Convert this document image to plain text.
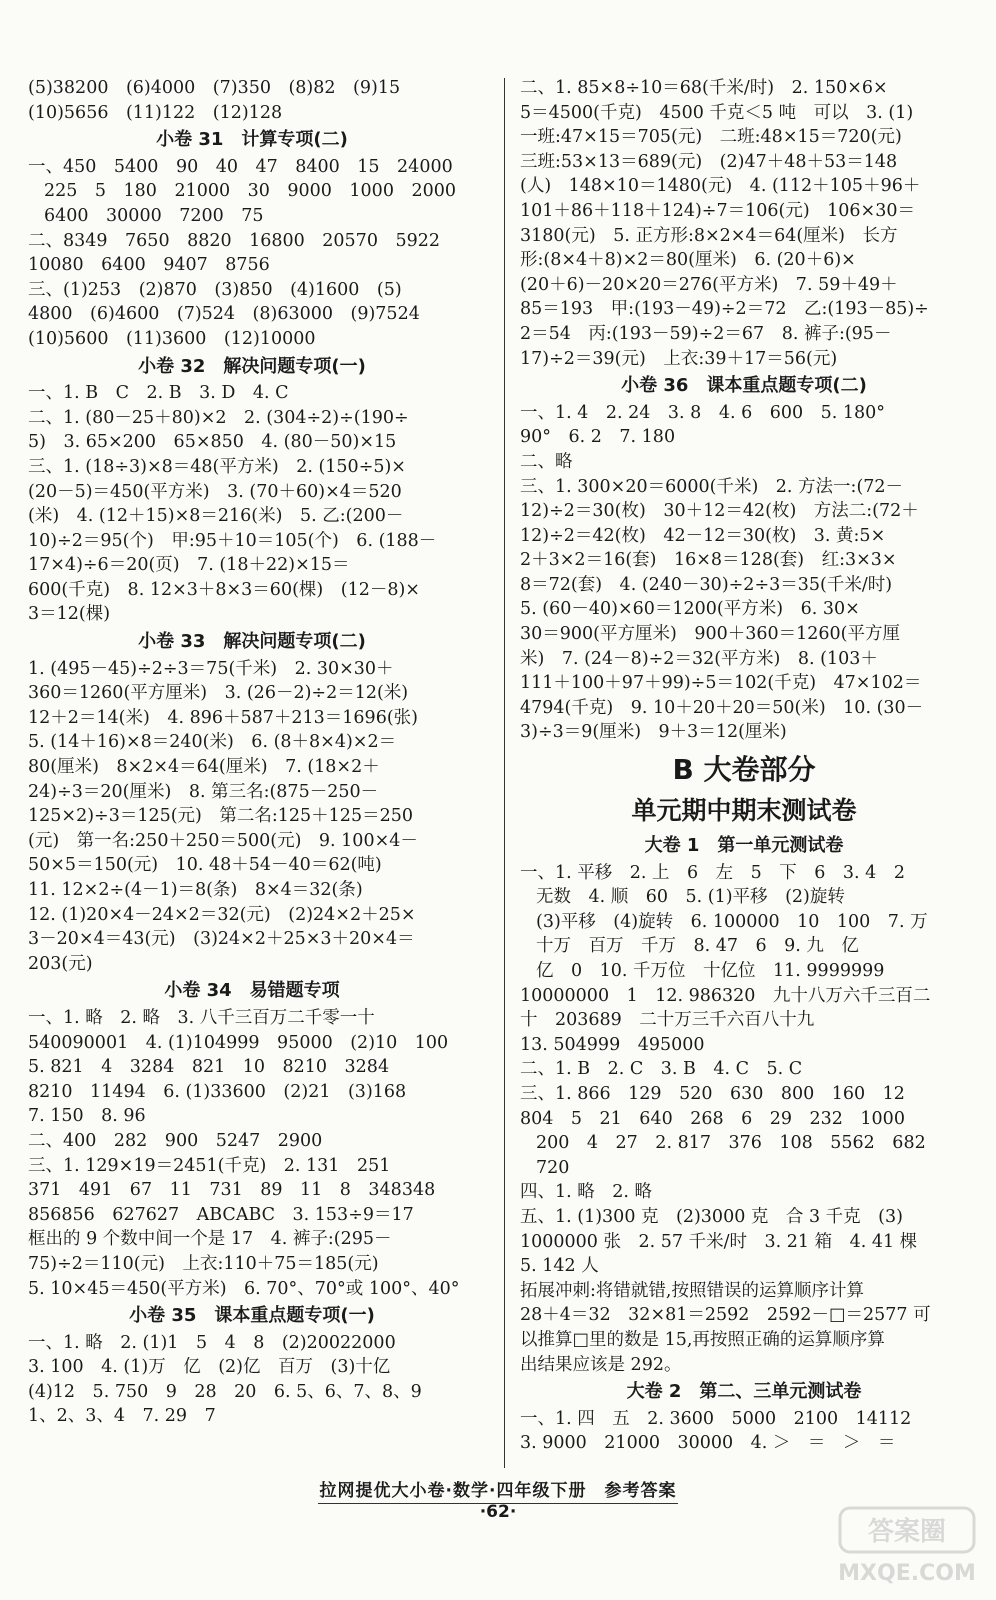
(5)38200　(6)4000　(7)350　(8)82　(9)15
(10)5656　(11)122　(12)128
小卷 31　计算专项(二)
一、450　5400　90　40　47　8400　15　24000
225　5　180　21000　30　9000　1000　2000
6400　30000　7200　75
二、8349　7650　8820　16800　20570　5922
10080　6400　9407　8756
三、(1)253　(2)870　(3)850　(4)1600　(5)
4800　(6)4600　(7)524　(8)63000　(9)7524
(10)5600　(11)3600　(12)10000
小卷 32　解决问题专项(一)
一、1. B　C　2. B　3. D　4. C
二、1. (80－25＋80)×2　2. (304÷2)÷(190÷
5)　3. 65×200　65×850　4. (80－50)×15
三、1. (18÷3)×8＝48(平方米)　2. (150÷5)×
(20－5)＝450(平方米)　3. (70＋60)×4＝520
(米)　4. (12＋15)×8＝216(米)　5. 乙:(200－
10)÷2＝95(个)　甲:95＋10＝105(个)　6. (188－
17×4)÷6＝20(页)　7. (18＋22)×15＝
600(千克)　8. 12×3＋8×3＝60(棵)　(12－8)×
3＝12(棵)
小卷 33　解决问题专项(二)
1. (495－45)÷2÷3＝75(千米)　2. 30×30＋
360＝1260(平方厘米)　3. (26－2)÷2＝12(米)
12＋2＝14(米)　4. 896＋587＋213＝1696(张)
5. (14＋16)×8＝240(米)　6. (8＋8×4)×2＝
80(厘米)　8×2×4＝64(厘米)　7. (18×2＋
24)÷3＝20(厘米)　8. 第三名:(875－250－
125×2)÷3＝125(元)　第二名:125＋125＝250
(元)　第一名:250＋250＝500(元)　9. 100×4－
50×5＝150(元)　10. 48＋54－40＝62(吨)
11. 12×2÷(4－1)＝8(条)　8×4＝32(条)
12. (1)20×4－24×2＝32(元)　(2)24×2＋25×
3－20×4＝43(元)　(3)24×2＋25×3＋20×4＝
203(元)
小卷 34　易错题专项
一、1. 略　2. 略　3. 八千三百万二千零一十
540090001　4. (1)104999　95000　(2)10　100
5. 821　4　3284　821　10　8210　3284
8210　11494　6. (1)33600　(2)21　(3)168
7. 150　8. 96
二、400　282　900　5247　2900
三、1. 129×19＝2451(千克)　2. 131　251
371　491　67　11　731　89　11　8　348348
856856　627627　ABCABC　3. 153÷9＝17
框出的 9 个数中间一个是 17　4. 裤子:(295－
75)÷2＝110(元)　上衣:110＋75＝185(元)
5. 10×45＝450(平方米)　6. 70°、70°或 100°、40°
小卷 35　课本重点题专项(一)
一、1. 略　2. (1)1　5　4　8　(2)20022000
3. 100　4. (1)万　亿　(2)亿　百万　(3)十亿
(4)12　5. 750　9　28　20　6. 5、6、7、8、9
1、2、3、4　7. 29　7
二、1. 85×8÷10＝68(千米/时)　2. 150×6×
5＝4500(千克)　4500 千克＜5 吨　可以　3. (1)
一班:47×15＝705(元)　二班:48×15＝720(元)
三班:53×13＝689(元)　(2)47＋48＋53＝148
(人)　148×10＝1480(元)　4. (112＋105＋96＋
101＋86＋118＋124)÷7＝106(元)　106×30＝
3180(元)　5. 正方形:8×2×4＝64(厘米)　长方
形:(8×4＋8)×2＝80(厘米)　6. (20＋6)×
(20＋6)－20×20＝276(平方米)　7. 59＋49＋
85＝193　甲:(193－49)÷2＝72　乙:(193－85)÷
2＝54　丙:(193－59)÷2＝67　8. 裤子:(95－
17)÷2＝39(元)　上衣:39＋17＝56(元)
小卷 36　课本重点题专项(二)
一、1. 4　2. 24　3. 8　4. 6　600　5. 180°
90°　6. 2　7. 180
二、略
三、1. 300×20＝6000(千米)　2. 方法一:(72－
12)÷2＝30(枚)　30＋12＝42(枚)　方法二:(72＋
12)÷2＝42(枚)　42－12＝30(枚)　3. 黄:5×
2＋3×2＝16(套)　16×8＝128(套)　红:3×3×
8＝72(套)　4. (240－30)÷2÷3＝35(千米/时)
5. (60－40)×60＝1200(平方米)　6. 30×
30＝900(平方厘米)　900＋360＝1260(平方厘
米)　7. (24－8)÷2＝32(平方米)　8. (103＋
111＋100＋97＋99)÷5＝102(千克)　47×102＝
4794(千克)　9. 10＋20＋20＝50(米)　10. (30－
3)÷3＝9(厘米)　9＋3＝12(厘米)
B 大卷部分
单元期中期末测试卷
大卷 1　第一单元测试卷
一、1. 平移　2. 上　6　左　5　下　6　3. 4　2
无数　4. 顺　60　5. (1)平移　(2)旋转
(3)平移　(4)旋转　6. 100000　10　100　7. 万
十万　百万　千万　8. 47　6　9. 九　亿
亿　0　10. 千万位　十亿位　11. 9999999
10000000　1　12. 986320　九十八万六千三百二
十　203689　二十万三千六百八十九
13. 504999　495000
二、1. B　2. C　3. B　4. C　5. C
三、1. 866　129　520　630　800　160　12
804　5　21　640　268　6　29　232　1000
200　4　27　2. 817　376　108　5562　682
720
四、1. 略　2. 略
五、1. (1)300 克　(2)3000 克　合 3 千克　(3)
1000000 张　2. 57 千米/时　3. 21 箱　4. 41 棵
5. 142 人
拓展冲刺:将错就错,按照错误的运算顺序计算
28＋4＝32　32×81＝2592　2592－□＝2577 可
以推算□里的数是 15,再按照正确的运算顺序算
出结果应该是 292。
大卷 2　第二、三单元测试卷
一、1. 四　五　2. 3600　5000　2100　14112
3. 9000　21000　30000　4. ＞　＝　＞　＝
拉网提优大小卷·数学·四年级下册　参考答案
·62·
答案圈
MXQE.COM
